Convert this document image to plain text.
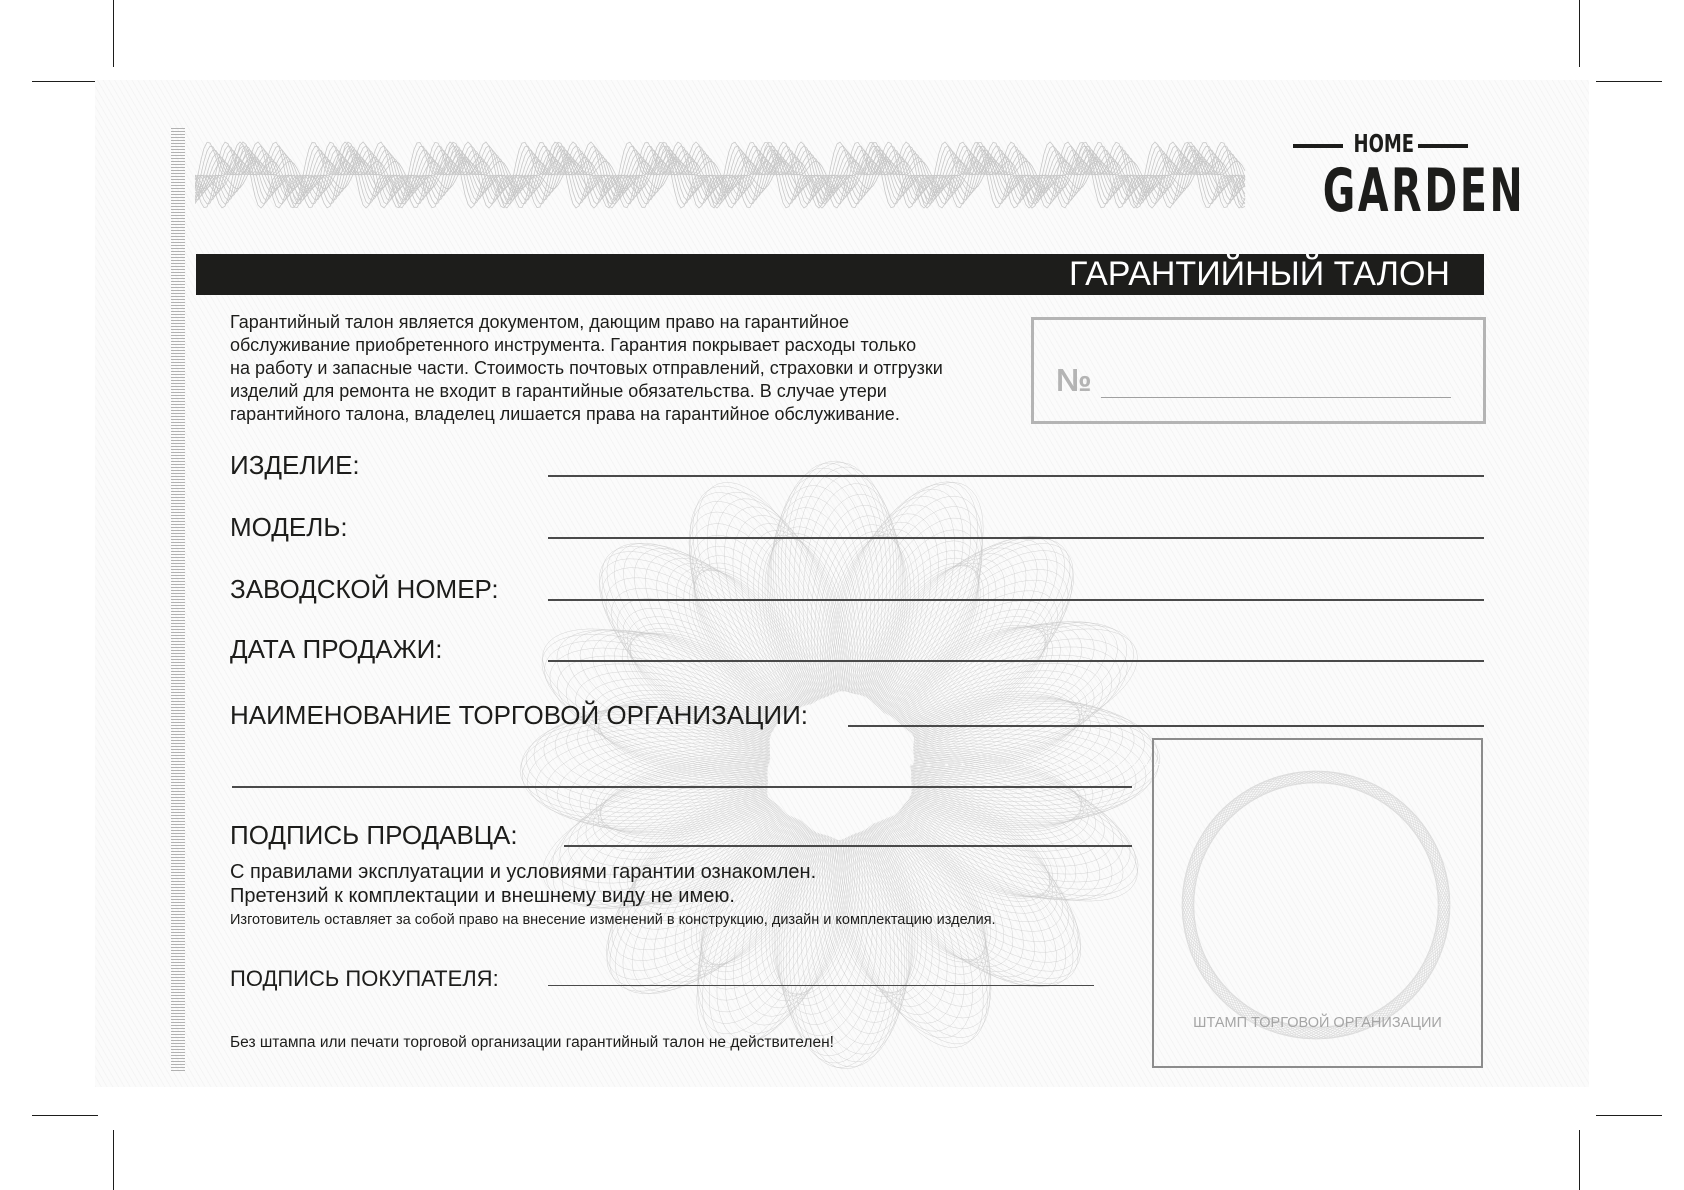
HOME
GARDEN
ГАРАНТИЙНЫЙ ТАЛОН
Гарантийный талон является документом, дающим право на гарантийное
обслуживание приобретенного инструмента. Гарантия покрывает расходы только
на работу и запасные части. Стоимость почтовых отправлений, страховки и отгрузки
изделий для ремонта не входит в гарантийные обязательства. В случае утери
гарантийного талона, владелец лишается права на гарантийное обслуживание.
№
ИЗДЕЛИЕ:
МОДЕЛЬ:
ЗАВОДСКОЙ НОМЕР:
ДАТА ПРОДАЖИ:
НАИМЕНОВАНИЕ ТОРГОВОЙ ОРГАНИЗАЦИИ:
ПОДПИСЬ ПРОДАВЦА:
С правилами эксплуатации и условиями гарантии ознакомлен.
Претензий к комплектации и внешнему виду не имею.
Изготовитель оставляет за собой право на внесение изменений в конструкцию, дизайн и комплектацию изделия.
ПОДПИСЬ ПОКУПАТЕЛЯ:
Без штампа или печати торговой организации гарантийный талон не действителен!
ШТАМП ТОРГОВОЙ ОРГАНИЗАЦИИ
